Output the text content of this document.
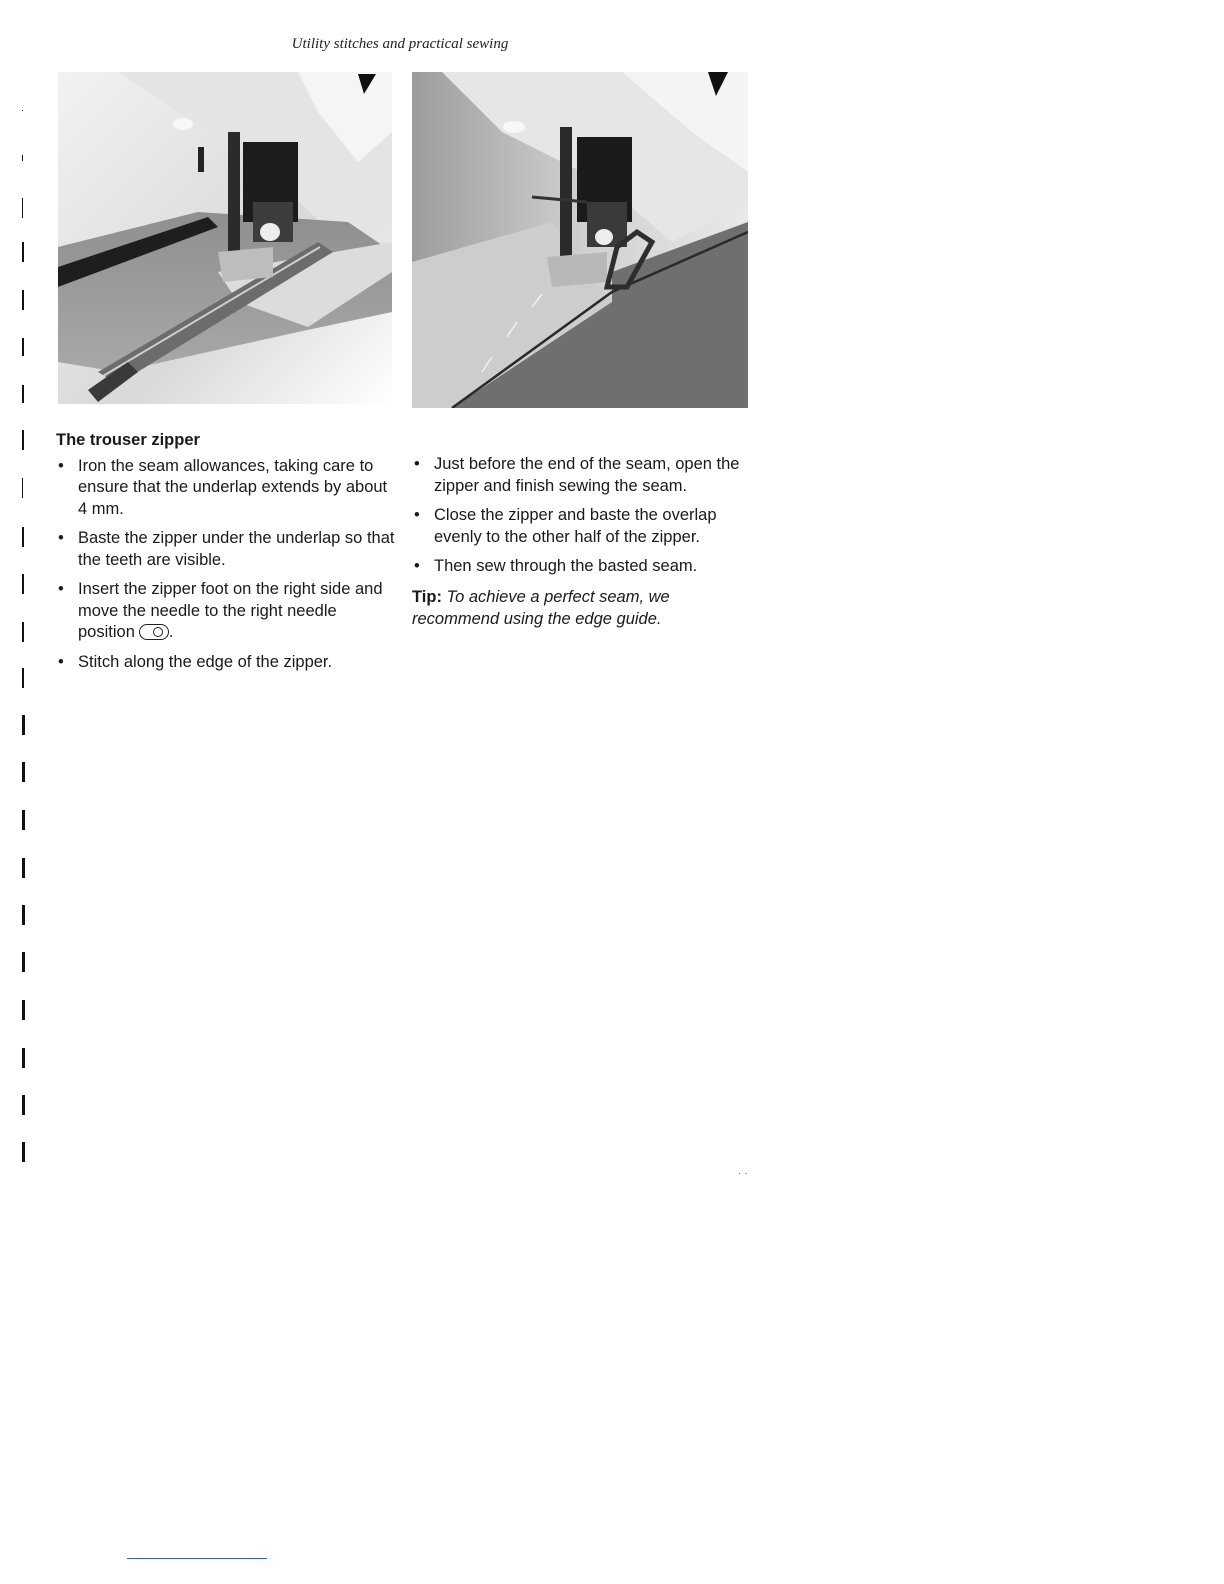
Utility stitches and practical sewing
The trouser zipper
• Iron the seam allowances, taking care to ensure that the underlap extends by about 4 mm.
• Baste the zipper under the underlap so that the teeth are visible.
• Insert the zipper foot on the right side and move the needle to the right needle position .
• Stitch along the edge of the zipper.
• Just before the end of the seam, open the zipper and finish sewing the seam.
• Close the zipper and baste the overlap evenly to the other half of the zipper.
• Then sew through the basted seam.
Tip: To achieve a perfect seam, we recommend using the edge guide.
· ·
